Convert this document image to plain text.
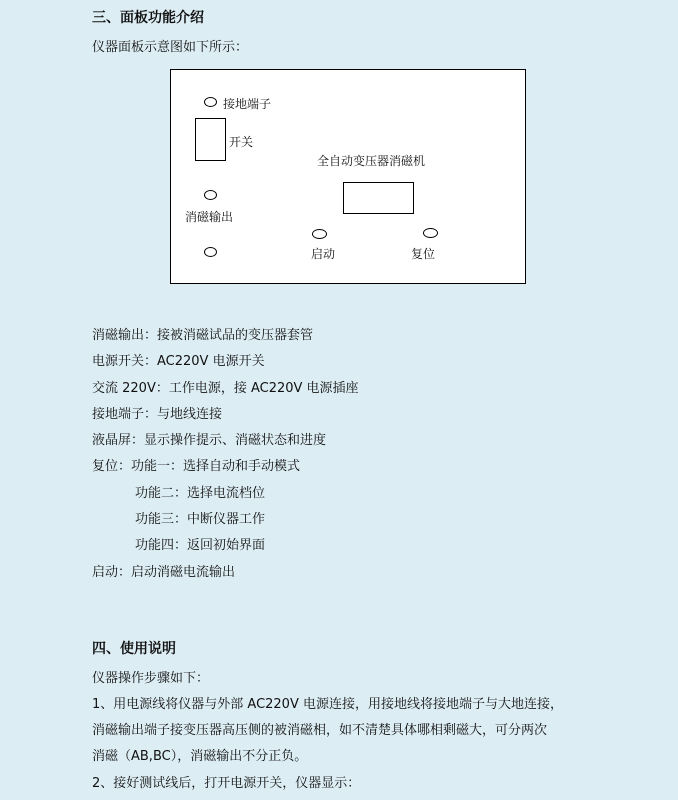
三、面板功能介绍
仪器面板示意图如下所示：
接地端子
开关
全自动变压器消磁机
消磁输出
启动	复位
消磁输出：接被消磁试品的变压器套管
电源开关：AC220V 电源开关
交流 220V：工作电源，接 AC220V 电源插座
接地端子：与地线连接
液晶屏：显示操作提示、消磁状态和进度
复位：功能一：选择自动和手动模式
功能二：选择电流档位
功能三：中断仪器工作
功能四：返回初始界面
启动：启动消磁电流输出
四、使用说明
仪器操作步骤如下：
1、用电源线将仪器与外部 AC220V 电源连接，用接地线将接地端子与大地连接，
消磁输出端子接变压器高压侧的被消磁相，如不清楚具体哪相剩磁大，可分两次
消磁（AB,BC），消磁输出不分正负。
2、接好测试线后，打开电源开关，仪器显示：
